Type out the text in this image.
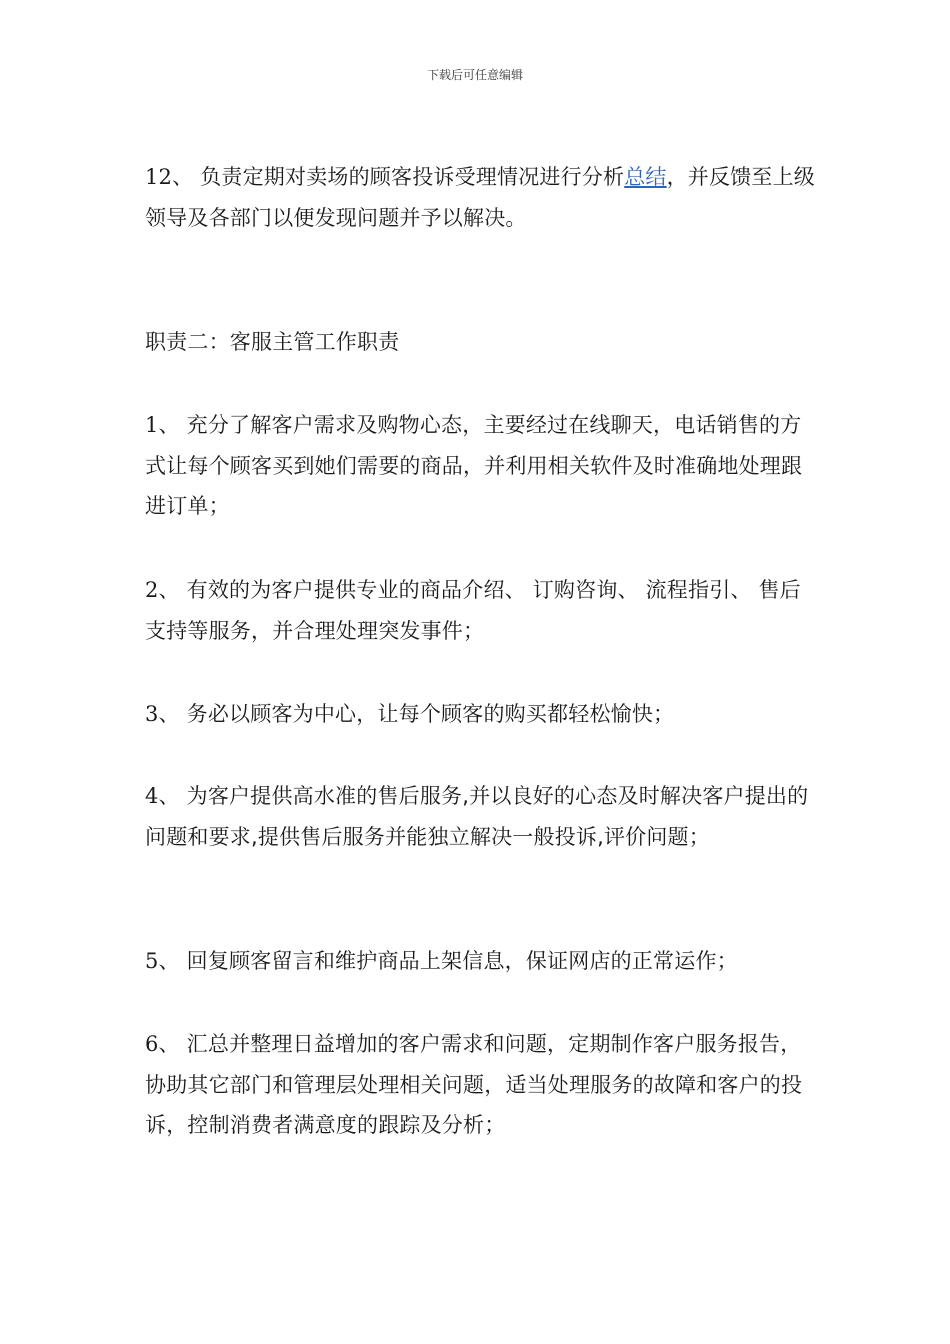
下载后可任意编辑

12、 负责定期对卖场的顾客投诉受理情况进行分析总结，并反馈至上级领导及各部门以便发现问题并予以解决。

职责二：客服主管工作职责

1、 充分了解客户需求及购物心态，主要经过在线聊天，电话销售的方式让每个顾客买到她们需要的商品，并利用相关软件及时准确地处理跟进订单；

2、 有效的为客户提供专业的商品介绍、 订购咨询、 流程指引、 售后支持等服务，并合理处理突发事件；

3、 务必以顾客为中心，让每个顾客的购买都轻松愉快；

4、 为客户提供高水准的售后服务,并以良好的心态及时解决客户提出的问题和要求,提供售后服务并能独立解决一般投诉,评价问题；

5、 回复顾客留言和维护商品上架信息，保证网店的正常运作；

6、 汇总并整理日益增加的客户需求和问题，定期制作客户服务报告，协助其它部门和管理层处理相关问题，适当处理服务的故障和客户的投诉，控制消费者满意度的跟踪及分析；
